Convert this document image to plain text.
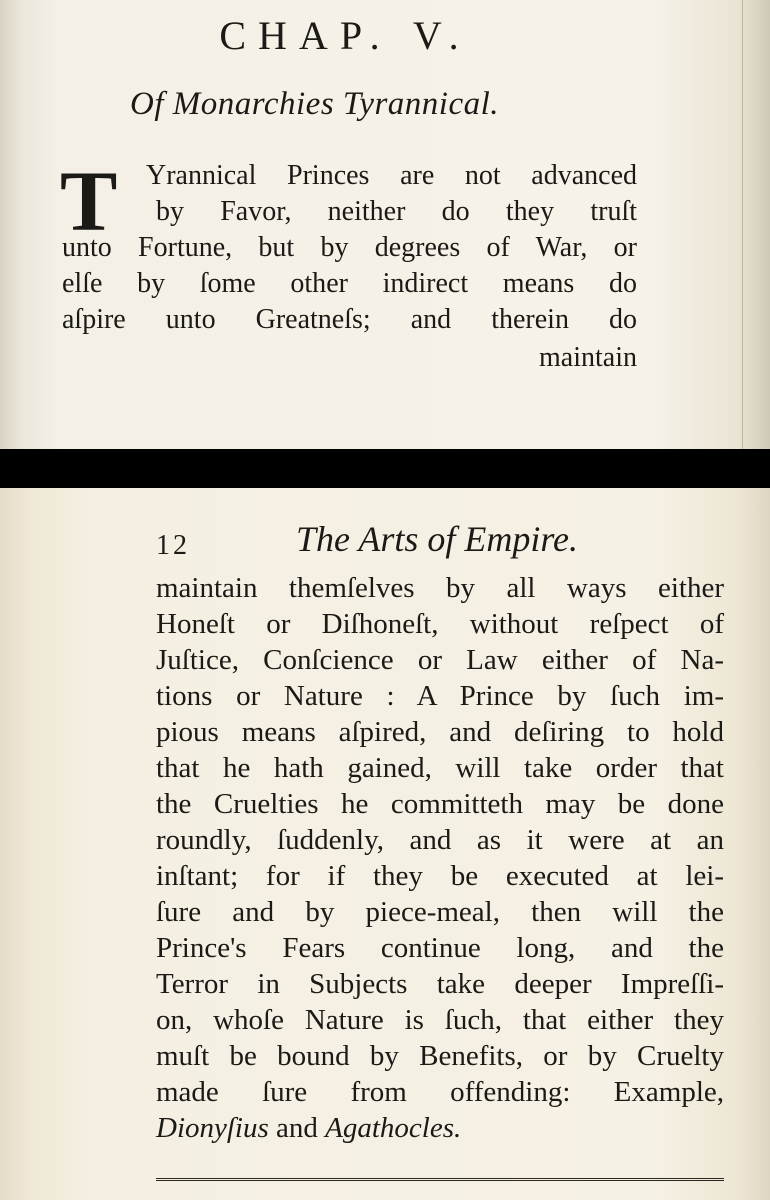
CHAP. V.
Of Monarchies Tyrannical.
T Yrannical Princes are not advanced
by Favor, neither do they truſt
unto Fortune, but by degrees of War, or
elſe by ſome other indirect means do
aſpire unto Greatneſs; and therein do
maintain
12	The Arts of Empire.
maintain themſelves by all ways either
Honeſt or Diſhoneſt, without reſpect of
Juſtice, Conſcience or Law either of Na-
tions or Nature : A Prince by ſuch im-
pious means aſpired, and deſiring to hold
that he hath gained, will take order that
the Cruelties he committeth may be done
roundly, ſuddenly, and as it were at an
inſtant; for if they be executed at lei-
ſure and by piece-meal, then will the
Prince's Fears continue long, and the
Terror in Subjects take deeper Impreſſi-
on, whoſe Nature is ſuch, that either they
muſt be bound by Benefits, or by Cruelty
made ſure from offending: Example,
Dionyſius and Agathocles.
